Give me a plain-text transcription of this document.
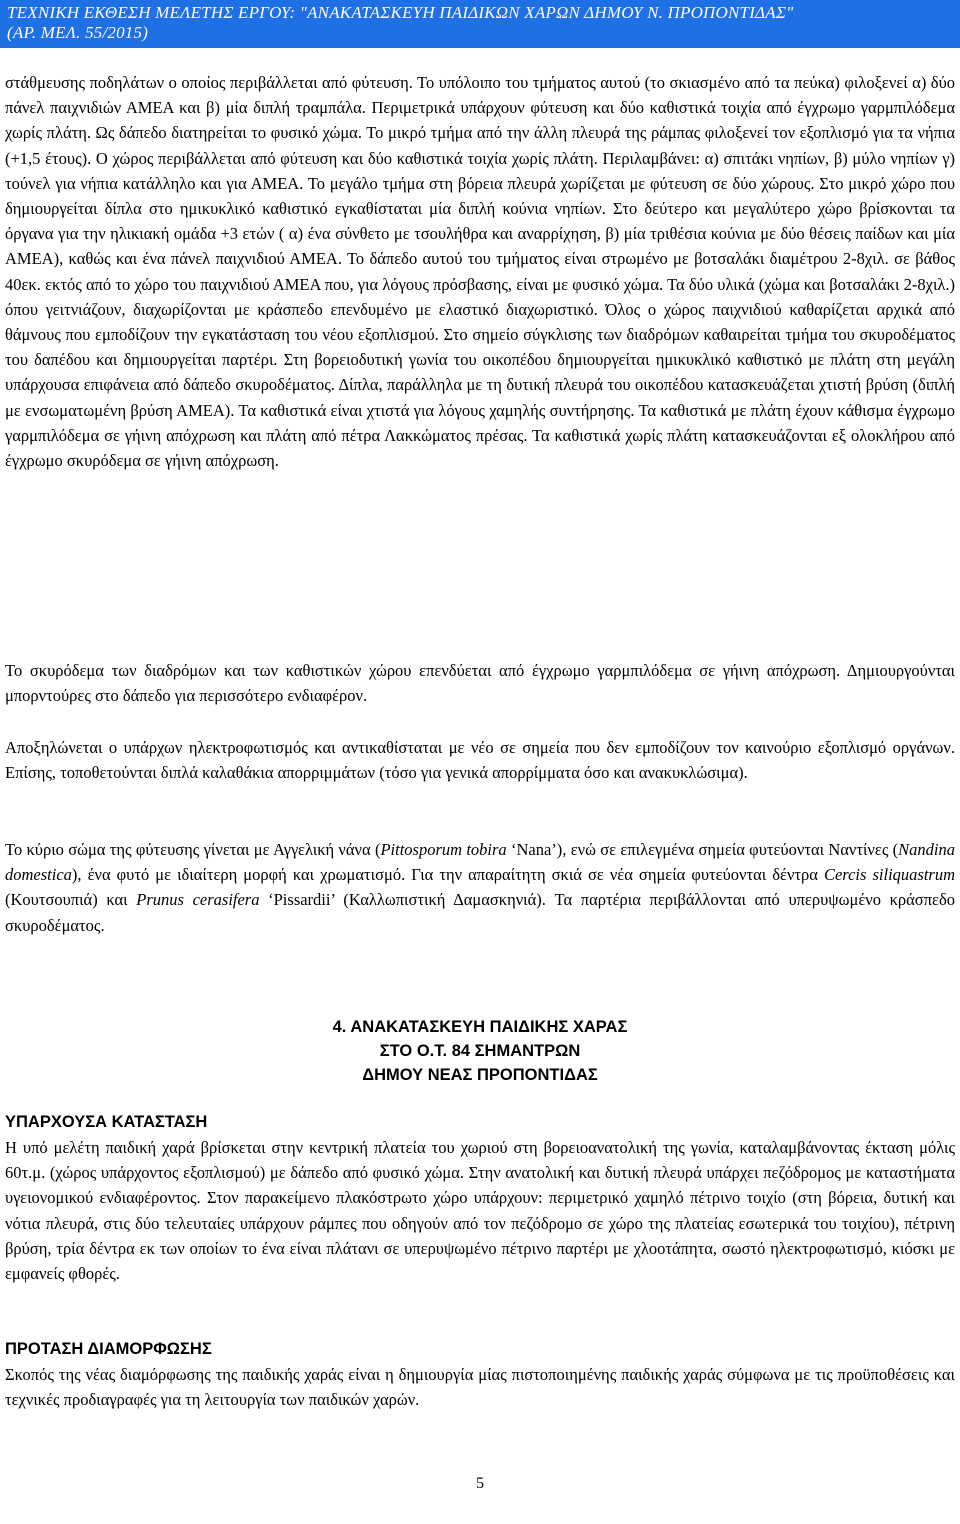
ΤΕΧΝΙΚΗ ΕΚΘΕΣΗ ΜΕΛΕΤΗΣ ΕΡΓΟΥ: "ΑΝΑΚΑΤΑΣΚΕΥΗ ΠΑΙΔΙΚΩΝ ΧΑΡΩΝ ΔΗΜΟΥ Ν. ΠΡΟΠΟΝΤΙΔΑΣ"
(ΑΡ. ΜΕΛ. 55/2015)

στάθμευσης ποδηλάτων ο οποίος περιβάλλεται από φύτευση. Το υπόλοιπο του τμήματος αυτού (το σκιασμένο από τα πεύκα) φιλοξενεί α) δύο πάνελ παιχνιδιών ΑΜΕΑ και β) μία διπλή τραμπάλα. Περιμετρικά υπάρχουν φύτευση και δύο καθιστικά τοιχία από έγχρωμο γαρμπιλόδεμα χωρίς πλάτη. Ως δάπεδο διατηρείται το φυσικό χώμα. Το μικρό τμήμα από την άλλη πλευρά της ράμπας φιλοξενεί τον εξοπλισμό για τα νήπια (+1,5 έτους). Ο χώρος περιβάλλεται από φύτευση και δύο καθιστικά τοιχία χωρίς πλάτη. Περιλαμβάνει: α) σπιτάκι νηπίων, β) μύλο νηπίων γ) τούνελ για νήπια κατάλληλο και για ΑΜΕΑ. Το μεγάλο τμήμα στη βόρεια πλευρά χωρίζεται με φύτευση σε δύο χώρους. Στο μικρό χώρο που δημιουργείται δίπλα στο ημικυκλικό καθιστικό εγκαθίσταται μία διπλή κούνια νηπίων. Στο δεύτερο και μεγαλύτερο χώρο βρίσκονται τα όργανα για την ηλικιακή ομάδα +3 ετών ( α) ένα σύνθετο με τσουλήθρα και αναρρίχηση, β) μία τριθέσια κούνια με δύο θέσεις παίδων και μία ΑΜΕΑ), καθώς και ένα πάνελ παιχνιδιού ΑΜΕΑ. Το δάπεδο αυτού του τμήματος είναι στρωμένο με βοτσαλάκι διαμέτρου 2-8χιλ. σε βάθος 40εκ. εκτός από το χώρο του παιχνιδιού ΑΜΕΑ που, για λόγους πρόσβασης, είναι με φυσικό χώμα. Τα δύο υλικά (χώμα και βοτσαλάκι 2-8χιλ.) όπου γειτνιάζουν, διαχωρίζονται με κράσπεδο επενδυμένο με ελαστικό διαχωριστικό. Όλος ο χώρος παιχνιδιού καθαρίζεται αρχικά από θάμνους που εμποδίζουν την εγκατάσταση του νέου εξοπλισμού. Στο σημείο σύγκλισης των διαδρόμων καθαιρείται τμήμα του σκυροδέματος του δαπέδου και δημιουργείται παρτέρι. Στη βορειοδυτική γωνία του οικοπέδου δημιουργείται ημικυκλικό καθιστικό με πλάτη στη μεγάλη υπάρχουσα επιφάνεια από δάπεδο σκυροδέματος. Δίπλα, παράλληλα με τη δυτική πλευρά του οικοπέδου κατασκευάζεται χτιστή βρύση (διπλή με ενσωματωμένη βρύση ΑΜΕΑ). Τα καθιστικά είναι χτιστά για λόγους χαμηλής συντήρησης. Τα καθιστικά με πλάτη έχουν κάθισμα έγχρωμο γαρμπιλόδεμα σε γήινη απόχρωση και πλάτη από πέτρα Λακκώματος πρέσας. Τα καθιστικά χωρίς πλάτη κατασκευάζονται εξ ολοκλήρου από έγχρωμο σκυρόδεμα σε γήινη απόχρωση.

Το σκυρόδεμα των διαδρόμων και των καθιστικών χώρου επενδύεται από έγχρωμο γαρμπιλόδεμα σε γήινη απόχρωση. Δημιουργούνται μπορντούρες στο δάπεδο για περισσότερο ενδιαφέρον.

Αποξηλώνεται ο υπάρχων ηλεκτροφωτισμός και αντικαθίσταται με νέο σε σημεία που δεν εμποδίζουν τον καινούριο εξοπλισμό οργάνων. Επίσης, τοποθετούνται διπλά καλαθάκια απορριμμάτων (τόσο για γενικά απορρίμματα όσο και ανακυκλώσιμα).

Το κύριο σώμα της φύτευσης γίνεται με Αγγελική νάνα (Pittosporum tobira ‘Nana’), ενώ σε επιλεγμένα σημεία φυτεύονται Ναντίνες (Nandina domestica), ένα φυτό με ιδιαίτερη μορφή και χρωματισμό. Για την απαραίτητη σκιά σε νέα σημεία φυτεύονται δέντρα Cercis siliquastrum (Κουτσουπιά) και Prunus cerasifera ‘Pissardii’ (Καλλωπιστική Δαμασκηνιά). Τα παρτέρια περιβάλλονται από υπερυψωμένο κράσπεδο σκυροδέματος.

4. ΑΝΑΚΑΤΑΣΚΕΥΗ ΠΑΙΔΙΚΗΣ ΧΑΡΑΣ
ΣΤΟ Ο.Τ. 84 ΣΗΜΑΝΤΡΩΝ
ΔΗΜΟΥ ΝΕΑΣ ΠΡΟΠΟΝΤΙΔΑΣ

ΥΠΑΡΧΟΥΣΑ ΚΑΤΑΣΤΑΣΗ

Η υπό μελέτη παιδική χαρά βρίσκεται στην κεντρική πλατεία του χωριού στη βορειοανατολική της γωνία, καταλαμβάνοντας έκταση μόλις 60τ.μ. (χώρος υπάρχοντος εξοπλισμού) με δάπεδο από φυσικό χώμα. Στην ανατολική και δυτική πλευρά υπάρχει πεζόδρομος με καταστήματα υγειονομικού ενδιαφέροντος. Στον παρακείμενο πλακόστρωτο χώρο υπάρχουν: περιμετρικό χαμηλό πέτρινο τοιχίο (στη βόρεια, δυτική και νότια πλευρά, στις δύο τελευταίες υπάρχουν ράμπες που οδηγούν από τον πεζόδρομο σε χώρο της πλατείας εσωτερικά του τοιχίου), πέτρινη βρύση, τρία δέντρα εκ των οποίων το ένα είναι πλάτανι σε υπερυψωμένο πέτρινο παρτέρι με χλοοτάπητα, σωστό ηλεκτροφωτισμό, κιόσκι με εμφανείς φθορές.

ΠΡΟΤΑΣΗ ΔΙΑΜΟΡΦΩΣΗΣ

Σκοπός της νέας διαμόρφωσης της παιδικής χαράς είναι η δημιουργία μίας πιστοποιημένης παιδικής χαράς σύμφωνα με τις προϋποθέσεις και τεχνικές προδιαγραφές για τη λειτουργία των παιδικών χαρών.

5
